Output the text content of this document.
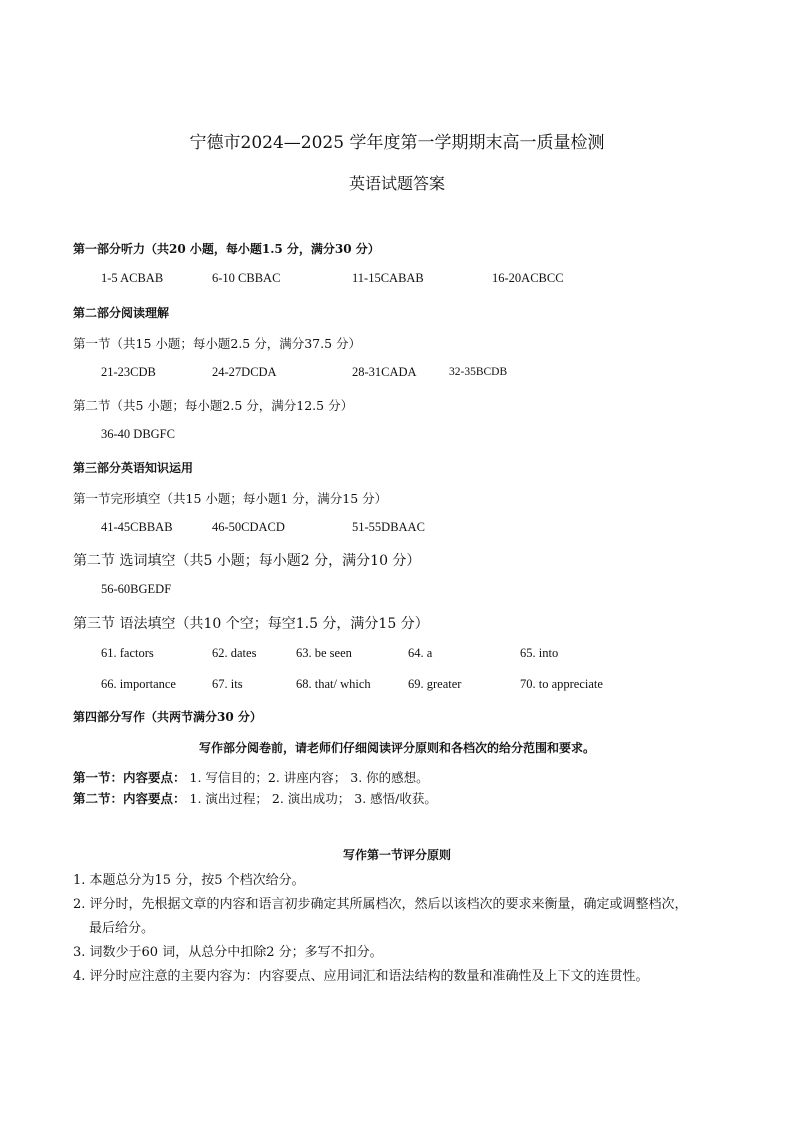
宁德市2024—2025 学年度第一学期期末高一质量检测
英语试题答案
第一部分听力（共20 小题，每小题1.5 分，满分30 分）
1-5 ACBAB	6-10 CBBAC	11-15CABAB	16-20ACBCC
第二部分阅读理解
第一节（共15 小题；每小题2.5 分，满分37.5 分）
21-23CDB	24-27DCDA	28-31CADA	32-35BCDB
第二节（共5 小题；每小题2.5 分，满分12.5 分）
36-40 DBGFC
第三部分英语知识运用
第一节完形填空（共15 小题；每小题1 分，满分15 分）
41-45CBBAB	46-50CDACD	51-55DBAAC
第二节 选词填空（共5 小题；每小题2 分，满分10 分）
56-60BGEDF
第三节 语法填空（共10 个空；每空1.5 分，满分15 分）
61. factors	62. dates	63. be seen	64. a	65. into
66. importance	67. its	68. that/ which	69. greater	70. to appreciate
第四部分写作（共两节满分30 分）
写作部分阅卷前，请老师们仔细阅读评分原则和各档次的给分范围和要求。
第一节：内容要点： 1. 写信目的；2. 讲座内容； 3. 你的感想。
第二节：内容要点： 1. 演出过程； 2. 演出成功； 3. 感悟/收获。
写作第一节评分原则
1. 本题总分为15 分，按5 个档次给分。
2. 评分时，先根据文章的内容和语言初步确定其所属档次，然后以该档次的要求来衡量，确定或调整档次，
最后给分。
3. 词数少于60 词，从总分中扣除2 分；多写不扣分。
4. 评分时应注意的主要内容为：内容要点、应用词汇和语法结构的数量和准确性及上下文的连贯性。
